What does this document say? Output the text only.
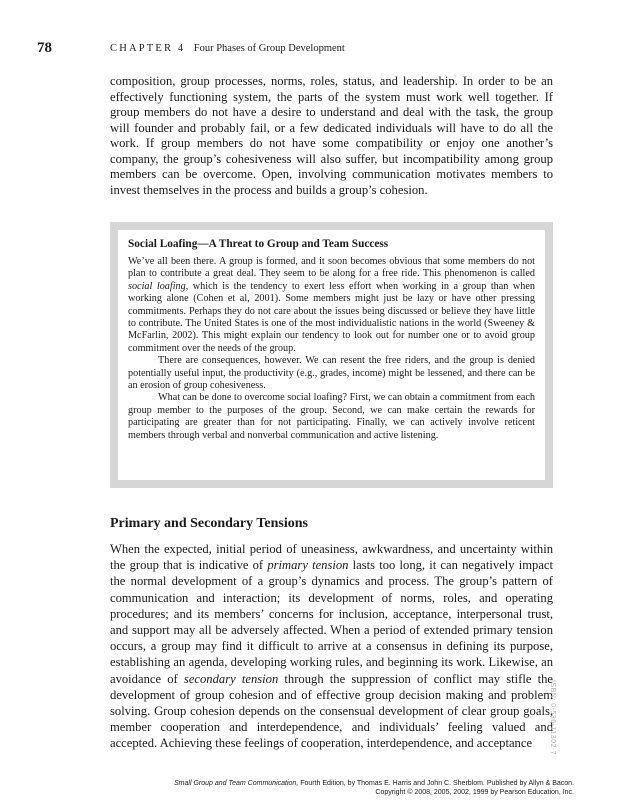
78	CHAPTER 4 Four Phases of Group Development

composition, group processes, norms, roles, status, and leadership. In order to be an effectively functioning system, the parts of the system must work well together. If group members do not have a desire to understand and deal with the task, the group will founder and probably fail, or a few dedicated individuals will have to do all the work. If group members do not have some compatibility or enjoy one another’s company, the group’s cohesiveness will also suffer, but incompatibility among group members can be overcome. Open, involving communication motivates members to invest themselves in the process and builds a group’s cohesion.

Social Loafing—A Threat to Group and Team Success

We’ve all been there. A group is formed, and it soon becomes obvious that some members do not plan to contribute a great deal. They seem to be along for a free ride. This phenomenon is called social loafing, which is the tendency to exert less effort when working in a group than when working alone (Cohen et al, 2001). Some members might just be lazy or have other pressing commitments. Perhaps they do not care about the issues being discussed or believe they have little to contribute. The United States is one of the most individualistic nations in the world (Sweeney & McFarlin, 2002). This might explain our tendency to look out for number one or to avoid group commitment over the needs of the group.

There are consequences, however. We can resent the free riders, and the group is denied potentially useful input, the productivity (e.g., grades, income) might be lessened, and there can be an erosion of group cohesiveness.

What can be done to overcome social loafing? First, we can obtain a commitment from each group member to the purposes of the group. Second, we can make certain the rewards for participating are greater than for not participating. Finally, we can actively involve reticent members through verbal and nonverbal communication and active listening.

Primary and Secondary Tensions

When the expected, initial period of uneasiness, awkwardness, and uncertainty within the group that is indicative of primary tension lasts too long, it can negatively impact the normal development of a group’s dynamics and process. The group’s pattern of communication and interaction; its development of norms, roles, and operating procedures; and its members’ concerns for inclusion, acceptance, interpersonal trust, and support may all be adversely affected. When a period of extended primary tension occurs, a group may find it difficult to arrive at a consensus in defining its purpose, establishing an agenda, developing working rules, and beginning its work. Likewise, an avoidance of secondary tension through the suppression of conflict may stifle the development of group cohesion and of effective group decision making and problem solving. Group cohesion depends on the consensual development of clear group goals, member cooperation and interdependence, and individuals’ feeling valued and accepted. Achieving these feelings of cooperation, interdependence, and acceptance	ISBN: 0-536-11302-7
Small Group and Team Communication, Fourth Edition, by Thomas E. Harris and John C. Sherblom. Published by Allyn & Bacon.
Copyright © 2008, 2005, 2002, 1999 by Pearson Education, Inc.
